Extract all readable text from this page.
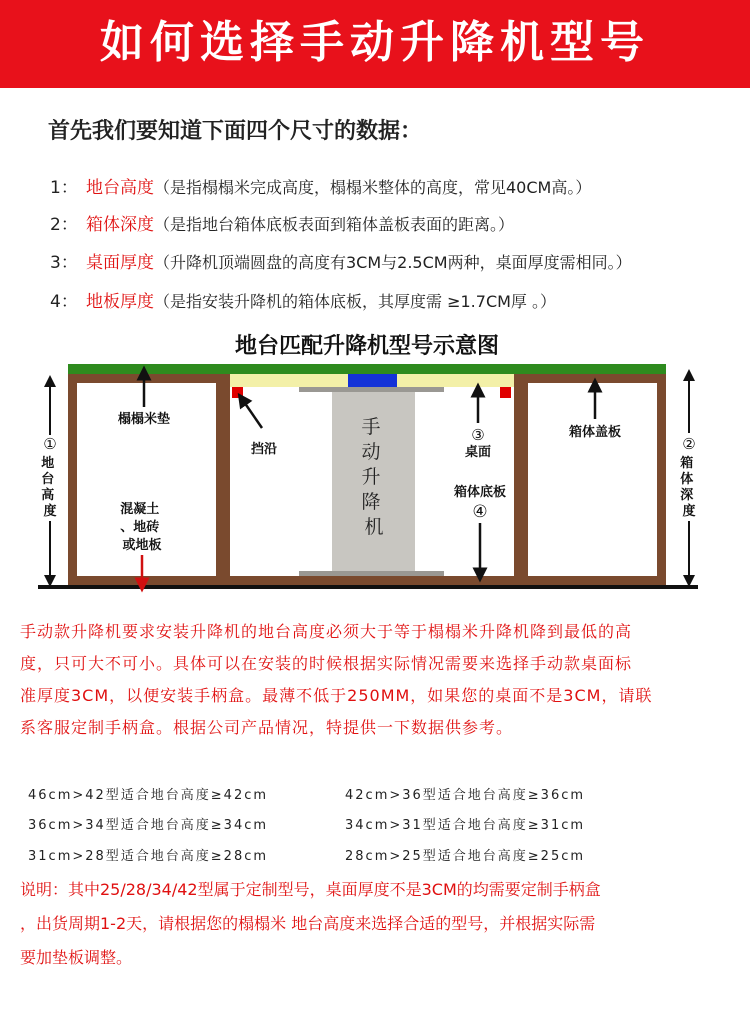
如何选择手动升降机型号
首先我们要知道下面四个尺寸的数据：
1： 地台高度（是指榻榻米完成高度，榻榻米整体的高度，常见40CM高。）
2： 箱体深度（是指地台箱体底板表面到箱体盖板表面的距离。）
3： 桌面厚度（升降机顶端圆盘的高度有3CM与2.5CM两种，桌面厚度需相同。）
4： 地板厚度（是指安装升降机的箱体底板，其厚度需 ≥1.7CM厚 。）
地台匹配升降机型号示意图
手 动 升 降 机
榻榻米垫
混凝土 、地砖 或地板
挡沿
③
桌面
箱体底板
④
箱体盖板
①
地 台 高 度
②
箱 体 深 度
手动款升降机要求安装升降机的地台高度必须大于等于榻榻米升降机降到最低的高
度，只可大不可小。具体可以在安装的时候根据实际情况需要来选择手动款桌面标
准厚度3CM，以便安装手柄盒。最薄不低于250MM，如果您的桌面不是3CM，请联
系客服定制手柄盒。根据公司产品情况，特提供一下数据供参考。
46cm>42型适合地台高度≥42cm	42cm>36型适合地台高度≥36cm
36cm>34型适合地台高度≥34cm	34cm>31型适合地台高度≥31cm
31cm>28型适合地台高度≥28cm	28cm>25型适合地台高度≥25cm
说明：其中25/28/34/42型属于定制型号，桌面厚度不是3CM的均需要定制手柄盒
，出货周期1-2天，请根据您的榻榻米 地台高度来选择合适的型号，并根据实际需
要加垫板调整。
